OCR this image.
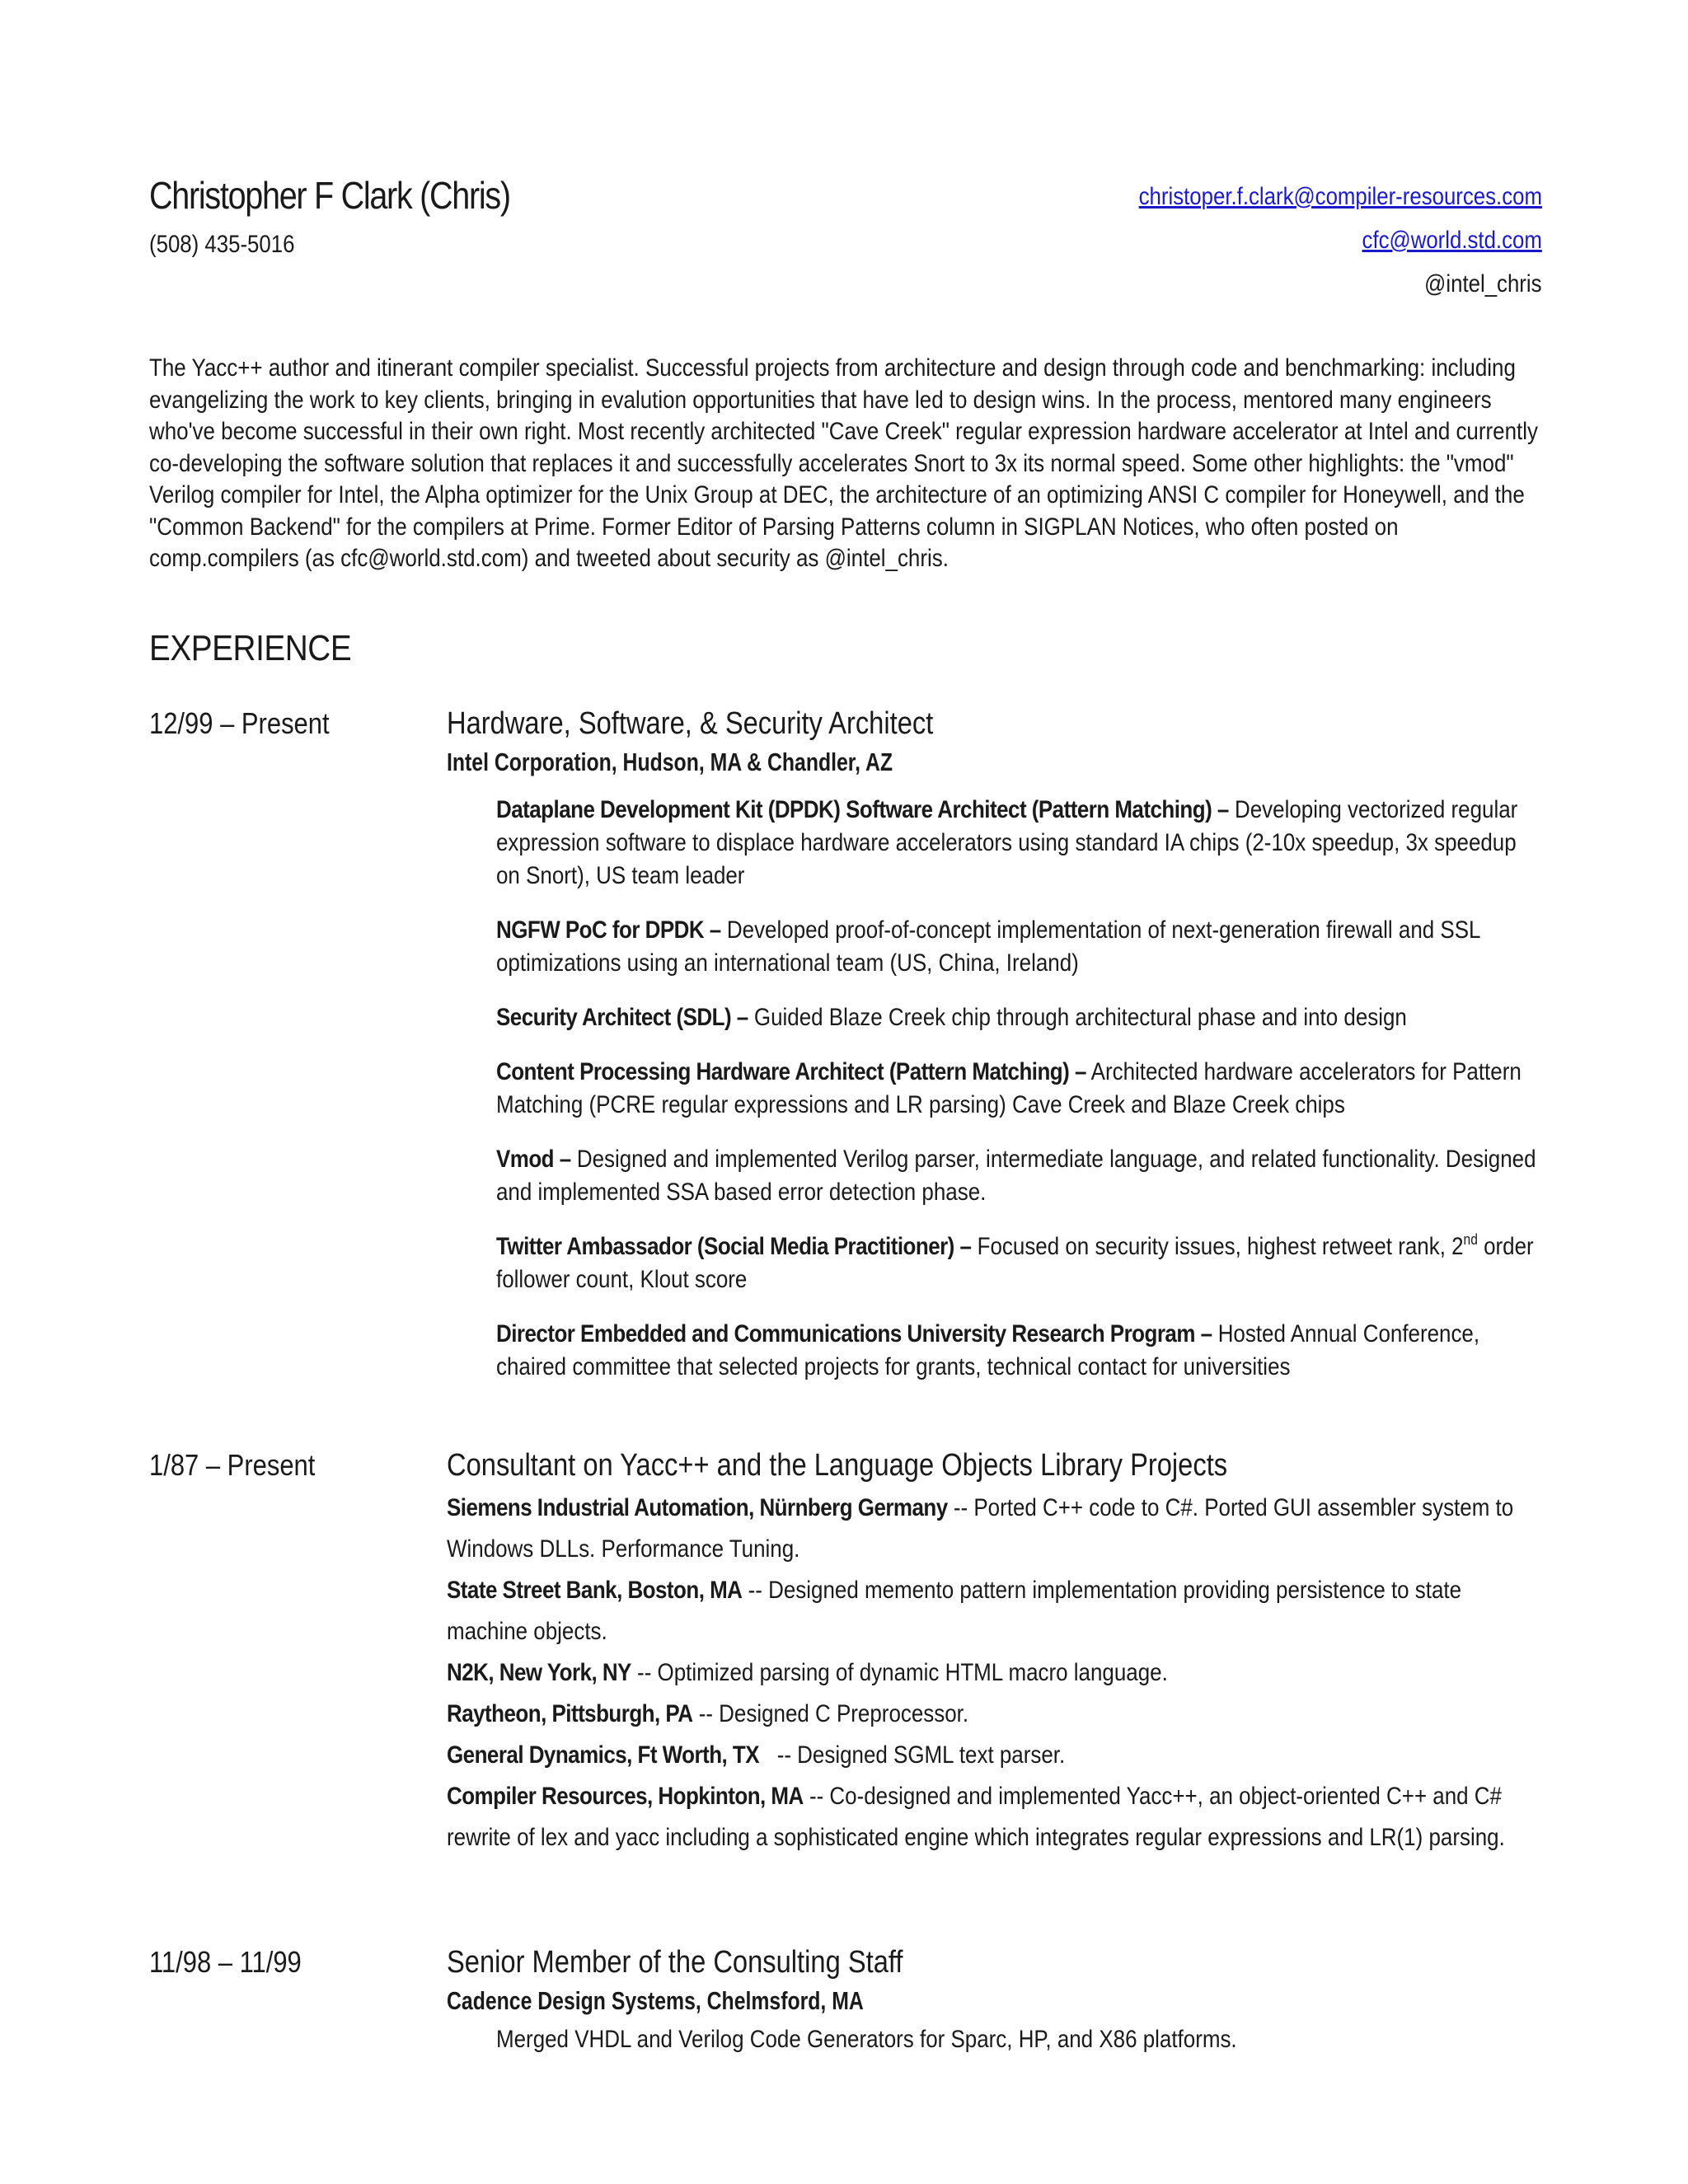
Christopher F Clark (Chris)
(508) 435-5016
christoper.f.clark@compiler-resources.com
cfc@world.std.com
@intel_chris
The Yacc++ author and itinerant compiler specialist. Successful projects from architecture and design through code and benchmarking: including evangelizing the work to key clients, bringing in evalution opportunities that have led to design wins. In the process, mentored many engineers who've become successful in their own right. Most recently architected "Cave Creek" regular expression hardware accelerator at Intel and currently co-developing the software solution that replaces it and successfully accelerates Snort to 3x its normal speed. Some other highlights: the "vmod" Verilog compiler for Intel, the Alpha optimizer for the Unix Group at DEC, the architecture of an optimizing ANSI C compiler for Honeywell, and the "Common Backend" for the compilers at Prime. Former Editor of Parsing Patterns column in SIGPLAN Notices, who often posted on comp.compilers (as cfc@world.std.com) and tweeted about security as @intel_chris.
EXPERIENCE
12/99 – Present	Hardware, Software, & Security Architect
Intel Corporation, Hudson, MA & Chandler, AZ
Dataplane Development Kit (DPDK) Software Architect (Pattern Matching) – Developing vectorized regular expression software to displace hardware accelerators using standard IA chips (2-10x speedup, 3x speedup on Snort), US team leader
NGFW PoC for DPDK – Developed proof-of-concept implementation of next-generation firewall and SSL optimizations using an international team (US, China, Ireland)
Security Architect (SDL) – Guided Blaze Creek chip through architectural phase and into design
Content Processing Hardware Architect (Pattern Matching) – Architected hardware accelerators for Pattern Matching (PCRE regular expressions and LR parsing) Cave Creek and Blaze Creek chips
Vmod – Designed and implemented Verilog parser, intermediate language, and related functionality. Designed and implemented SSA based error detection phase.
Twitter Ambassador (Social Media Practitioner) – Focused on security issues, highest retweet rank, 2nd order follower count, Klout score
Director Embedded and Communications University Research Program – Hosted Annual Conference, chaired committee that selected projects for grants, technical contact for universities
1/87 – Present	Consultant on Yacc++ and the Language Objects Library Projects
Siemens Industrial Automation, Nürnberg Germany -- Ported C++ code to C#. Ported GUI assembler system to Windows DLLs. Performance Tuning.
State Street Bank, Boston, MA -- Designed memento pattern implementation providing persistence to state machine objects.
N2K, New York, NY -- Optimized parsing of dynamic HTML macro language.
Raytheon, Pittsburgh, PA -- Designed C Preprocessor.
General Dynamics, Ft Worth, TX   -- Designed SGML text parser.
Compiler Resources, Hopkinton, MA -- Co-designed and implemented Yacc++, an object-oriented C++ and C# rewrite of lex and yacc including a sophisticated engine which integrates regular expressions and LR(1) parsing.
11/98 – 11/99	Senior Member of the Consulting Staff
Cadence Design Systems, Chelmsford, MA
Merged VHDL and Verilog Code Generators for Sparc, HP, and X86 platforms.
